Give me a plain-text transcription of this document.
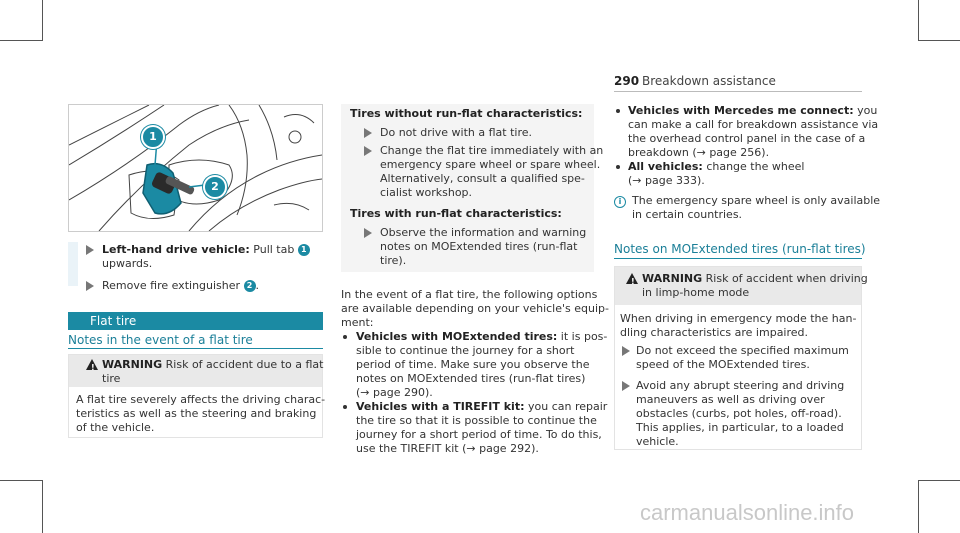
290 Breakdown assistance
1
2
Left-hand drive vehicle: Pull tab 1
upwards.
Remove fire extinguisher 2 .
Flat tire
Notes in the event of a flat tire
! WARNING Risk of accident due to a flat
tire
A flat tire severely affects the driving charac-
teristics as well as the steering and braking
of the vehicle.
Tires without run-flat characteristics:
Do not drive with a flat tire.
Change the flat tire immediately with an
emergency spare wheel or spare wheel.
Alternatively, consult a qualified spe-
cialist workshop.
Tires with run-flat characteristics:
Observe the information and warning
notes on MOExtended tires (run-flat
tire).
In the event of a flat tire, the following options
are available depending on your vehicle's equip-
ment:
Vehicles with MOExtended tires: it is pos-
sible to continue the journey for a short
period of time. Make sure you observe the
notes on MOExtended tires (run-flat tires)
(→ page 290).
Vehicles with a TIREFIT kit: you can repair
the tire so that it is possible to continue the
journey for a short period of time. To do this,
use the TIREFIT kit (→ page 292).
Vehicles with Mercedes me connect: you
can make a call for breakdown assistance via
the overhead control panel in the case of a
breakdown (→ page 256).
All vehicles: change the wheel
(→ page 333).
i The emergency spare wheel is only available
in certain countries.
Notes on MOExtended tires (run-flat tires)
! WARNING Risk of accident when driving
in limp-home mode
When driving in emergency mode the han-
dling characteristics are impaired.
Do not exceed the specified maximum
speed of the MOExtended tires.
Avoid any abrupt steering and driving
maneuvers as well as driving over
obstacles (curbs, pot holes, off-road).
This applies, in particular, to a loaded
vehicle.
carmanualsonline.info
